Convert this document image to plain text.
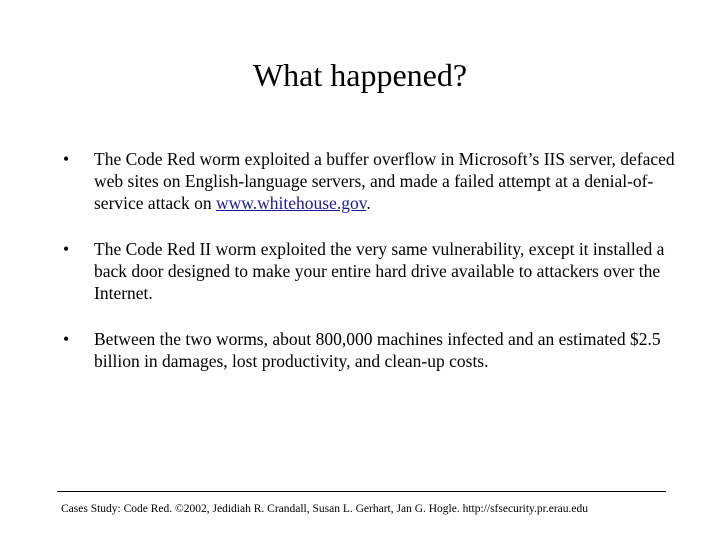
What happened?
• The Code Red worm exploited a buffer overflow in Microsoft’s IIS server, defaced web sites on English-language servers, and made a failed attempt at a denial-of-service attack on www.whitehouse.gov.
• The Code Red II worm exploited the very same vulnerability, except it installed a back door designed to make your entire hard drive available to attackers over the Internet.
• Between the two worms, about 800,000 machines infected and an estimated $2.5 billion in damages, lost productivity, and clean-up costs.
Cases Study: Code Red. ©2002, Jedidiah R. Crandall, Susan L. Gerhart, Jan G. Hogle. http://sfsecurity.pr.erau.edu
